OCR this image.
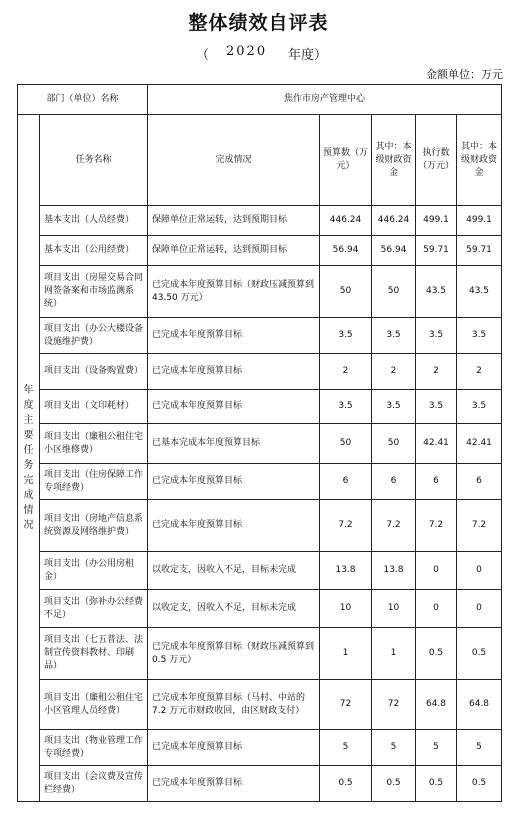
整体绩效自评表
（ 2020 年度）
金额单位：万元
部门（单位）名称		焦作市房产管理中心				
年度主要任务完成情况	任务名称	完成情况	预算数（万元）	其中：本级财政资金	执行数（万元）	其中：本级财政资金
	基本支出（人员经费）	保障单位正常运转，达到预期目标	446.24	446.24	499.1	499.1
	基本支出（公用经费）	保障单位正常运转，达到预期目标	56.94	56.94	59.71	59.71
	项目支出（房屋交易合同网签备案和市场监测系统）	已完成本年度预算目标（财政压减预算到 43.50 万元）	50	50	43.5	43.5
	项目支出（办公大楼设备设施维护费）	已完成本年度预算目标	3.5	3.5	3.5	3.5
	项目支出（设备购置费）	已完成本年度预算目标	2	2	2	2
	项目支出（文印耗材）	已完成本年度预算目标	3.5	3.5	3.5	3.5
	项目支出（廉租公租住宅小区维修费）	已基本完成本年度预算目标	50	50	42.41	42.41
	项目支出（住房保障工作专项经费）	已完成本年度预算目标	6	6	6	6
	项目支出（房地产信息系统资源及网络维护费）	已完成本年度预算目标	7.2	7.2	7.2	7.2
	项目支出（办公用房租金）	以收定支，因收入不足，目标未完成	13.8	13.8	0	0
	项目支出（弥补办公经费不足）	以收定支，因收入不足，目标未完成	10	10	0	0
	项目支出（七五普法、法制宣传资料教材、印刷品）	已完成本年度预算目标（财政压减预算到 0.5 万元）	1	1	0.5	0.5
	项目支出（廉租公租住宅小区管理人员经费）	已完成本年度预算目标（马村、中站的 7.2 万元市财政收回，由区财政支付）	72	72	64.8	64.8
	项目支出（物业管理工作专项经费）	已完成本年度预算目标	5	5	5	5
	项目支出（会议费及宣传栏经费）	已完成本年度预算目标	0.5	0.5	0.5	0.5
